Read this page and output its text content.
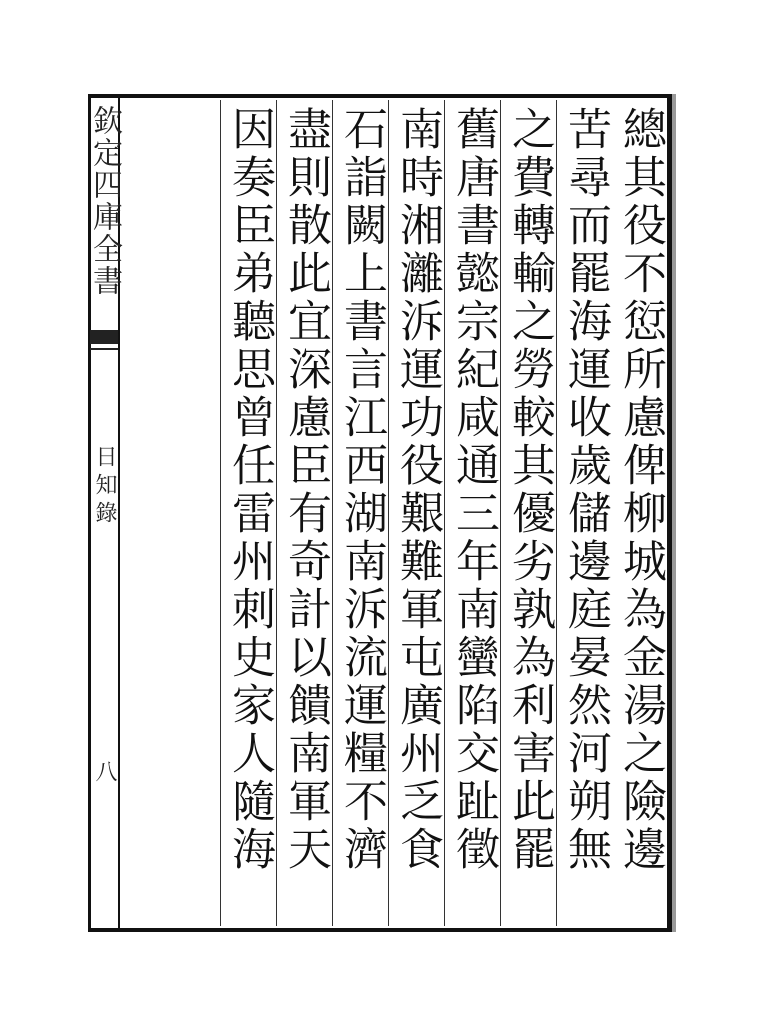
欽定四庫全書
日知錄
八
總其役不愆所慮俾柳城為金湯之險邊
苦尋而罷海運收歲儲邊庭晏然河朔無
之費轉輸之勞較其優劣孰為利害此罷
舊唐書懿宗紀咸通三年南蠻陷交趾徵
南時湘灕泝運功役艱難軍屯廣州乏食
石詣闕上書言江西湖南泝流運糧不濟
盡則散此宜深慮臣有奇計以饋南軍天
因奏臣弟聽思曾任雷州刺史家人隨海
